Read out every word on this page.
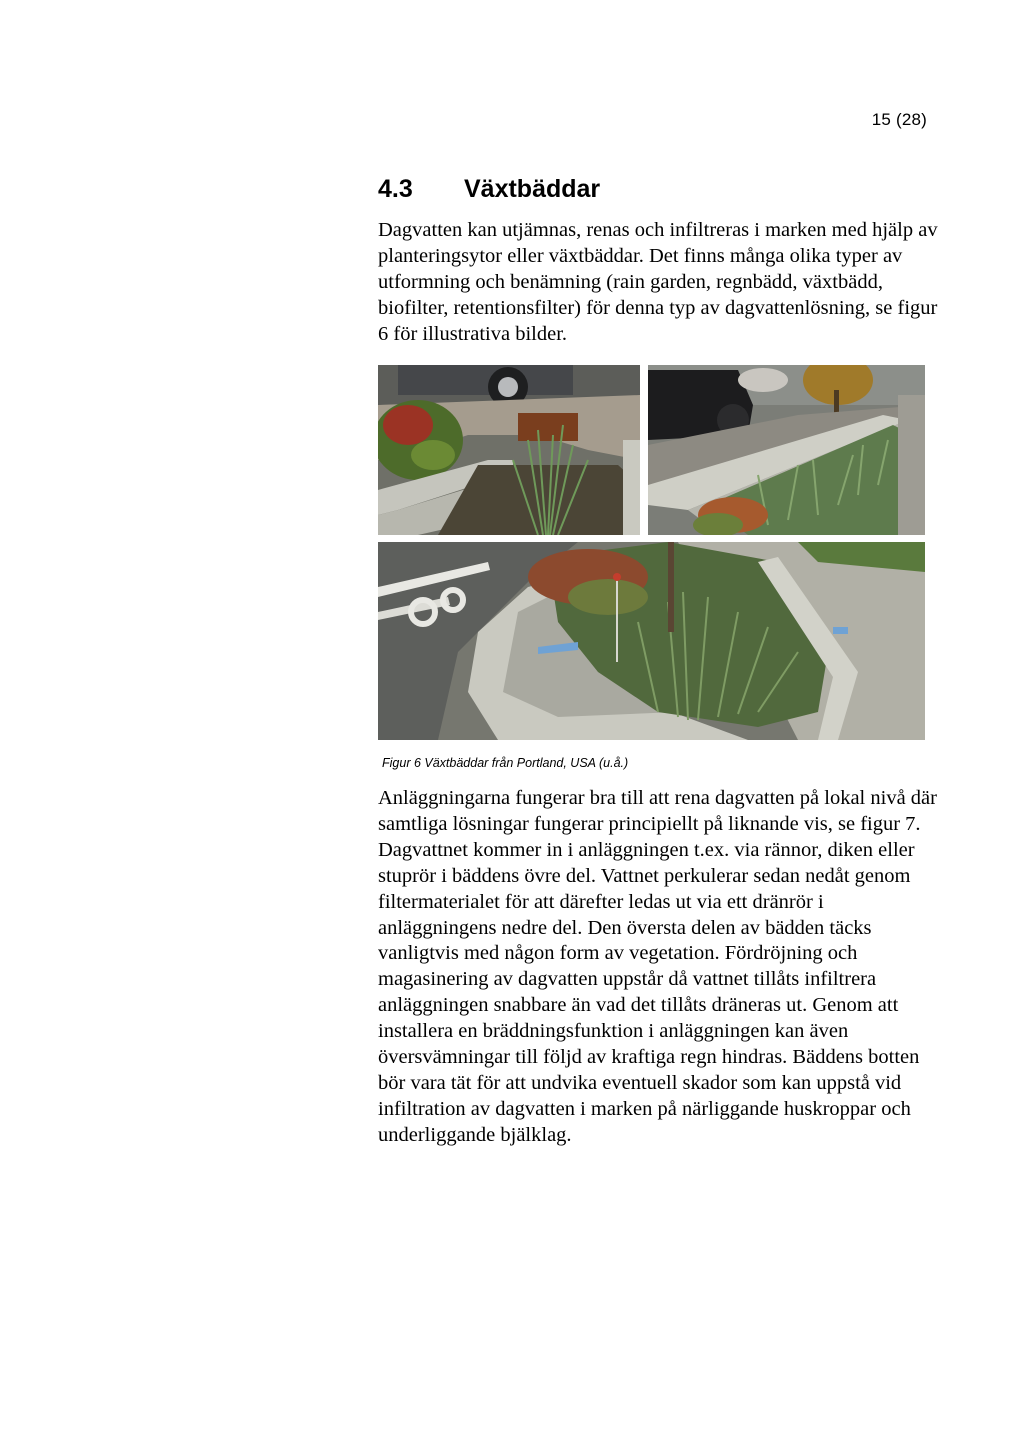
15 (28)
4.3 Växtbäddar

Dagvatten kan utjämnas, renas och infiltreras i marken med hjälp av planteringsytor eller växtbäddar. Det finns många olika typer av utformning och benämning (rain garden, regnbädd, växtbädd, biofilter, retentionsfilter) för denna typ av dagvattenlösning, se figur 6 för illustrativa bilder.

Figur 6 Växtbäddar från Portland, USA (u.å.)

Anläggningarna fungerar bra till att rena dagvatten på lokal nivå där samtliga lösningar fungerar principiellt på liknande vis, se figur 7. Dagvattnet kommer in i anläggningen t.ex. via rännor, diken eller stuprör i bäddens övre del. Vattnet perkulerar sedan nedåt genom filtermaterialet för att därefter ledas ut via ett dränrör i anläggningens nedre del. Den översta delen av bädden täcks vanligtvis med någon form av vegetation. Fördröjning och magasinering av dagvatten uppstår då vattnet tillåts infiltrera anläggningen snabbare än vad det tillåts dräneras ut. Genom att installera en bräddningsfunktion i anläggningen kan även översvämningar till följd av kraftiga regn hindras. Bäddens botten bör vara tät för att undvika eventuell skador som kan uppstå vid infiltration av dagvatten i marken på närliggande huskroppar och underliggande bjälklag.
